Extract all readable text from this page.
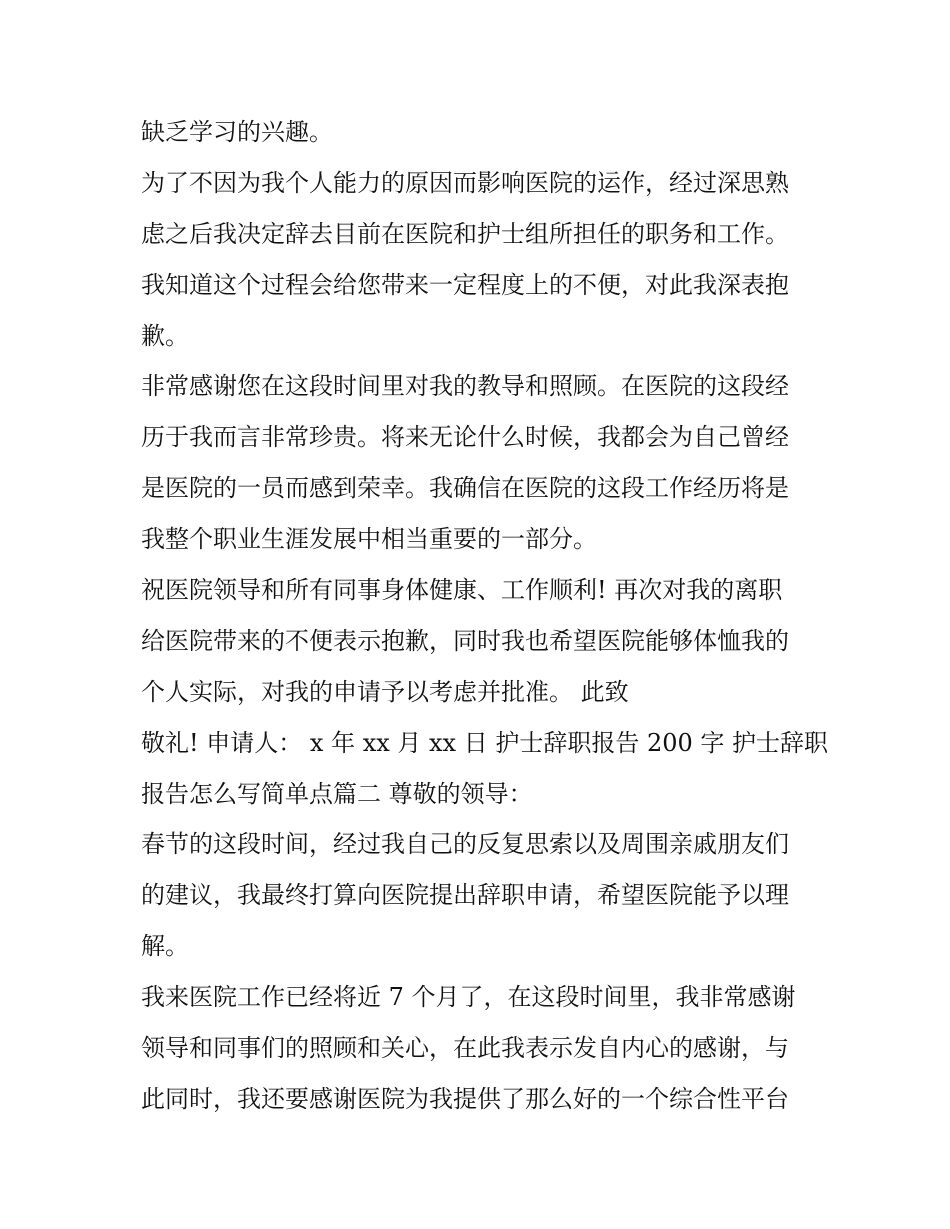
缺乏学习的兴趣。
为了不因为我个人能力的原因而影响医院的运作，经过深思熟
虑之后我决定辞去目前在医院和护士组所担任的职务和工作。
我知道这个过程会给您带来一定程度上的不便，对此我深表抱
歉。
非常感谢您在这段时间里对我的教导和照顾。在医院的这段经
历于我而言非常珍贵。将来无论什么时候，我都会为自己曾经
是医院的一员而感到荣幸。我确信在医院的这段工作经历将是
我整个职业生涯发展中相当重要的一部分。
祝医院领导和所有同事身体健康、工作顺利! 再次对我的离职
给医院带来的不便表示抱歉，同时我也希望医院能够体恤我的
个人实际，对我的申请予以考虑并批准。 此致
敬礼! 申请人： x 年 xx 月 xx 日 护士辞职报告 200 字 护士辞职
报告怎么写简单点篇二 尊敬的领导：
春节的这段时间，经过我自己的反复思索以及周围亲戚朋友们
的建议，我最终打算向医院提出辞职申请，希望医院能予以理
解。
我来医院工作已经将近 7 个月了，在这段时间里，我非常感谢
领导和同事们的照顾和关心，在此我表示发自内心的感谢，与
此同时，我还要感谢医院为我提供了那么好的一个综合性平台
